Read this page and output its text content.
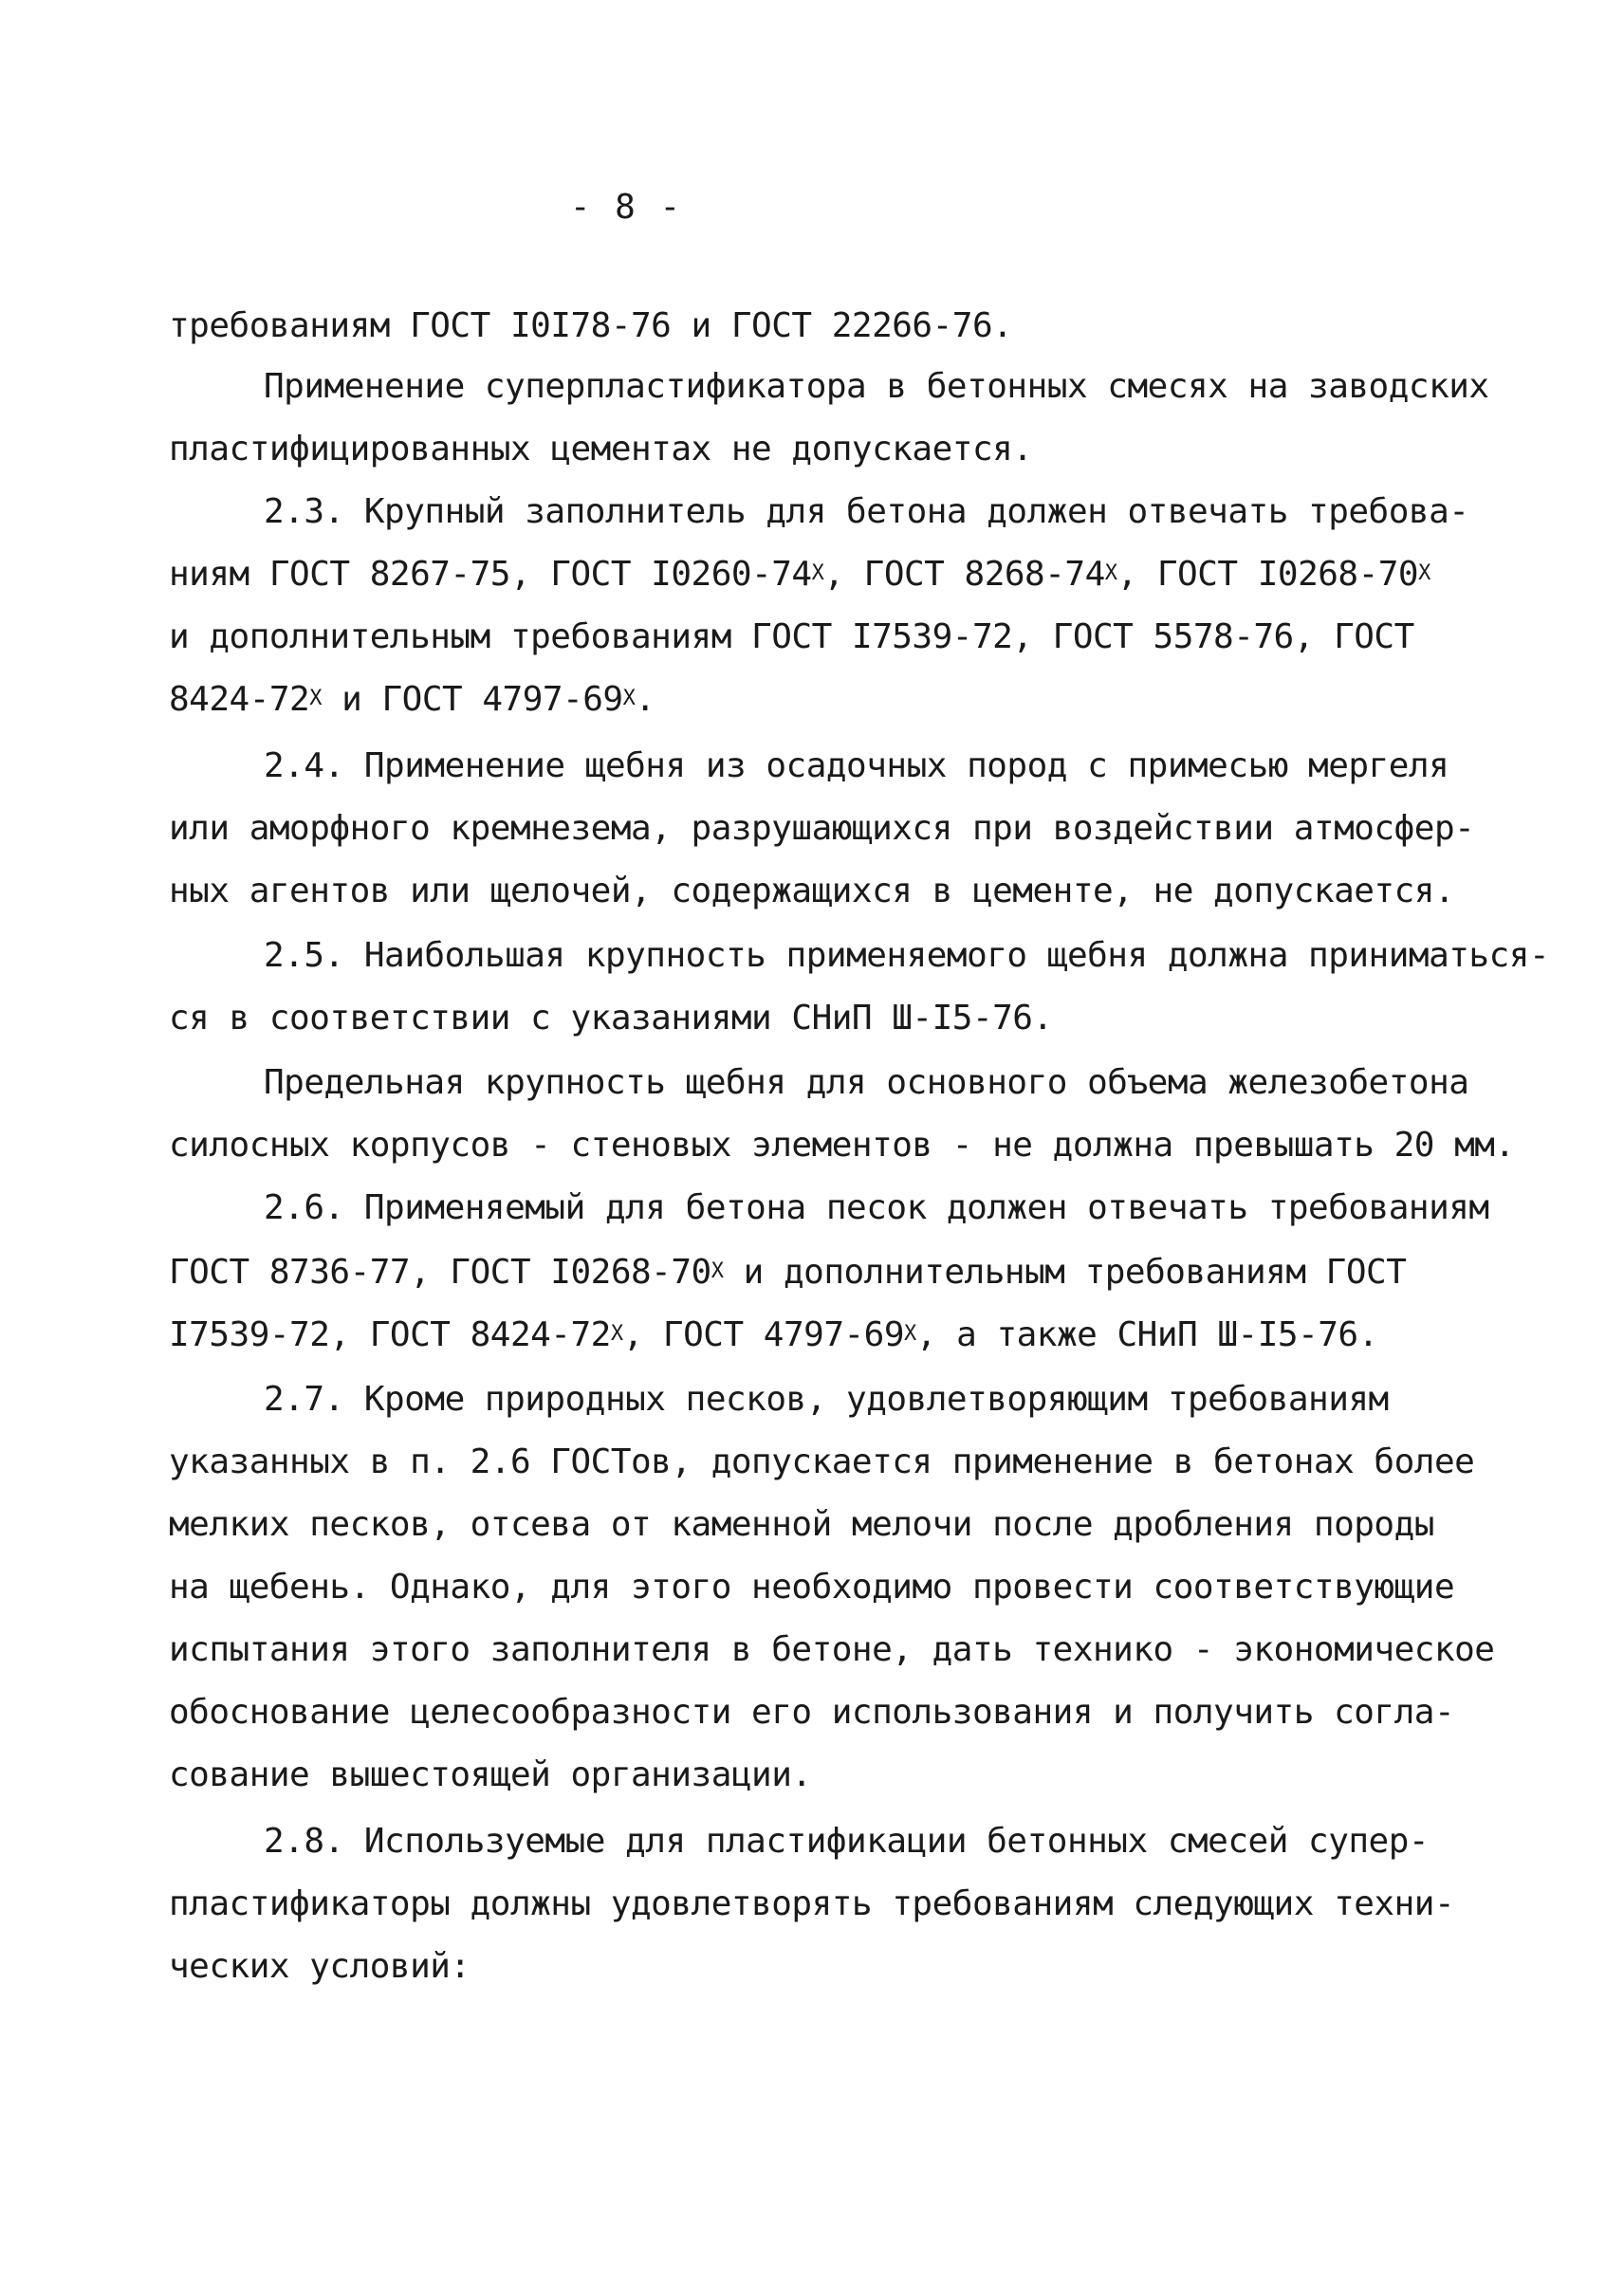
- 8 -
требованиям ГОСТ I0I78-76 и ГОСТ 22266-76.
Применение суперпластификатора в бетонных смесях на заводских
пластифицированных цементах не допускается.
2.3. Крупный заполнитель для бетона должен отвечать требова-
ниям ГОСТ 8267-75, ГОСТ $I0260-74^X$, ГОСТ $8268-74^X$, ГОСТ $I0268-70^X$
и дополнительным требованиям ГОСТ I7539-72, ГОСТ 5578-76, ГОСТ
$8424-72^X$ и ГОСТ $4797-69^X$.
2.4. Применение щебня из осадочных пород с примесью мергеля
или аморфного кремнезема, разрушающихся при воздействии атмосфер-
ных агентов или щелочей, содержащихся в цементе, не допускается.
2.5. Наибольшая крупность применяемого щебня должна приниматься-
ся в соответствии с указаниями СНиП Ш-I5-76.
Предельная крупность щебня для основного объема железобетона
силосных корпусов - стеновых элементов - не должна превышать 20 мм.
2.6. Применяемый для бетона песок должен отвечать требованиям
ГОСТ 8736-77, ГОСТ $I0268-70^X$ и дополнительным требованиям ГОСТ
I7539-72, ГОСТ $8424-72^X$, ГОСТ $4797-69^X$, а также СНиП Ш-I5-76.
2.7. Кроме природных песков, удовлетворяющим требованиям
указанных в п. 2.6 ГОСТов, допускается применение в бетонах более
мелких песков, отсева от каменной мелочи после дробления породы
на щебень. Однако, для этого необходимо провести соответствующие
испытания этого заполнителя в бетоне, дать технико - экономическое
обоснование целесообразности его использования и получить согла-
сование вышестоящей организации.
2.8. Используемые для пластификации бетонных смесей супер-
пластификаторы должны удовлетворять требованиям следующих техни-
ческих условий:
